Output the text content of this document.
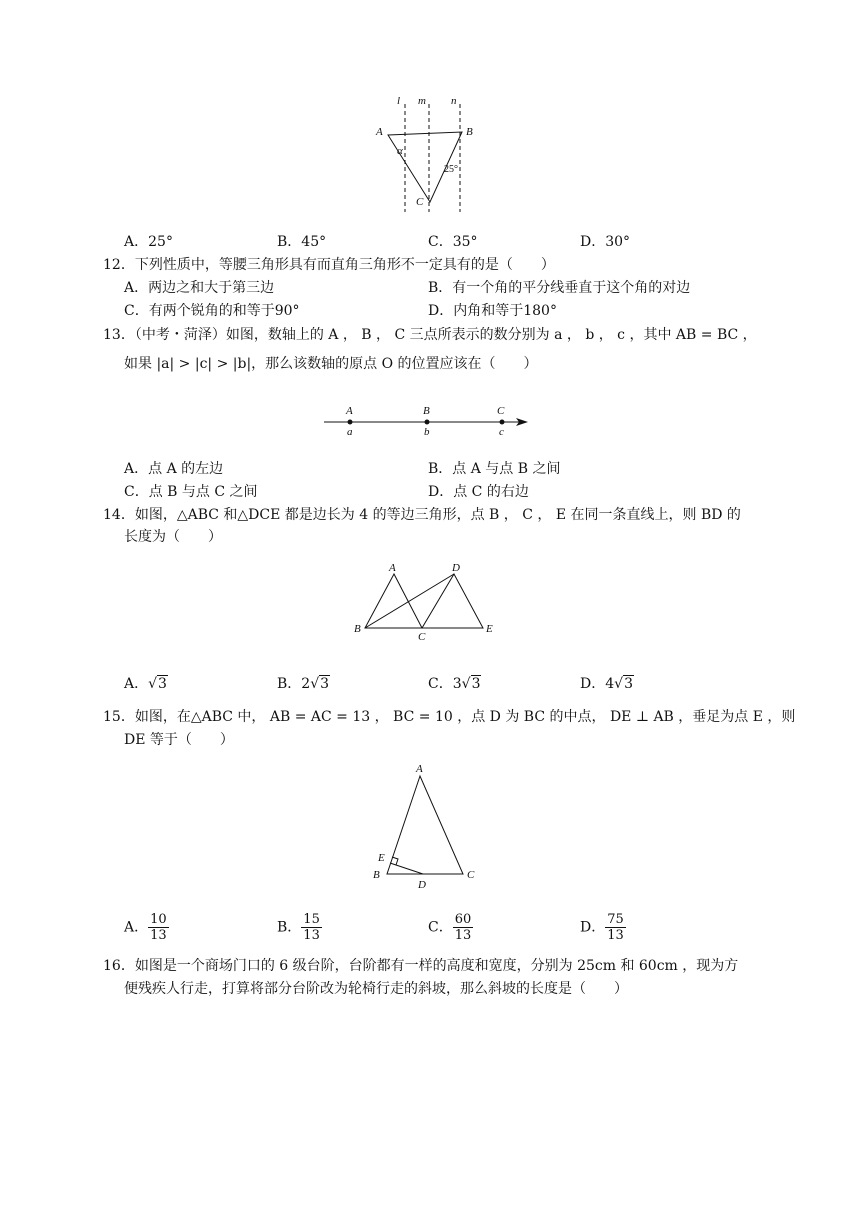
l m n
A	B
C
α
25°
A．25°	B．45°	C．35°	D．30°
12．下列性质中，等腰三角形具有而直角三角形不一定具有的是（　　）
A．两边之和大于第三边	B．有一个角的平分线垂直于这个角的对边
C．有两个锐角的和等于90°	D．内角和等于180°
13．（中考・菏泽）如图，数轴上的 A ， B ， C 三点所表示的数分别为 a ， b ， c ，其中 AB = BC ，
如果 |a| > |c| > |b|，那么该数轴的原点 O 的位置应该在（　　）
A	B	C
a	b	c
A．点 A 的左边	B．点 A 与点 B 之间
C．点 B 与点 C 之间	D．点 C 的右边
14．如图，△ABC 和△DCE 都是边长为 4 的等边三角形，点 B ， C ， E 在同一条直线上，则 BD 的
长度为（　　）
A	D
B
C
E
A．√3	B．2√3	C．3√3	D．4√3
15．如图，在△ABC 中， AB = AC = 13 ， BC = 10 ，点 D 为 BC 的中点， DE ⊥ AB ，垂足为点 E ，则
DE 等于（　　）
A
E
B
D
C
A． $\frac{10}{13}$	B． $\frac{15}{13}$	C． $\frac{60}{13}$	D． $\frac{75}{13}$
16．如图是一个商场门口的 6 级台阶，台阶都有一样的高度和宽度，分别为 25cm 和 60cm ，现为方
便残疾人行走，打算将部分台阶改为轮椅行走的斜坡，那么斜坡的长度是（　　）
